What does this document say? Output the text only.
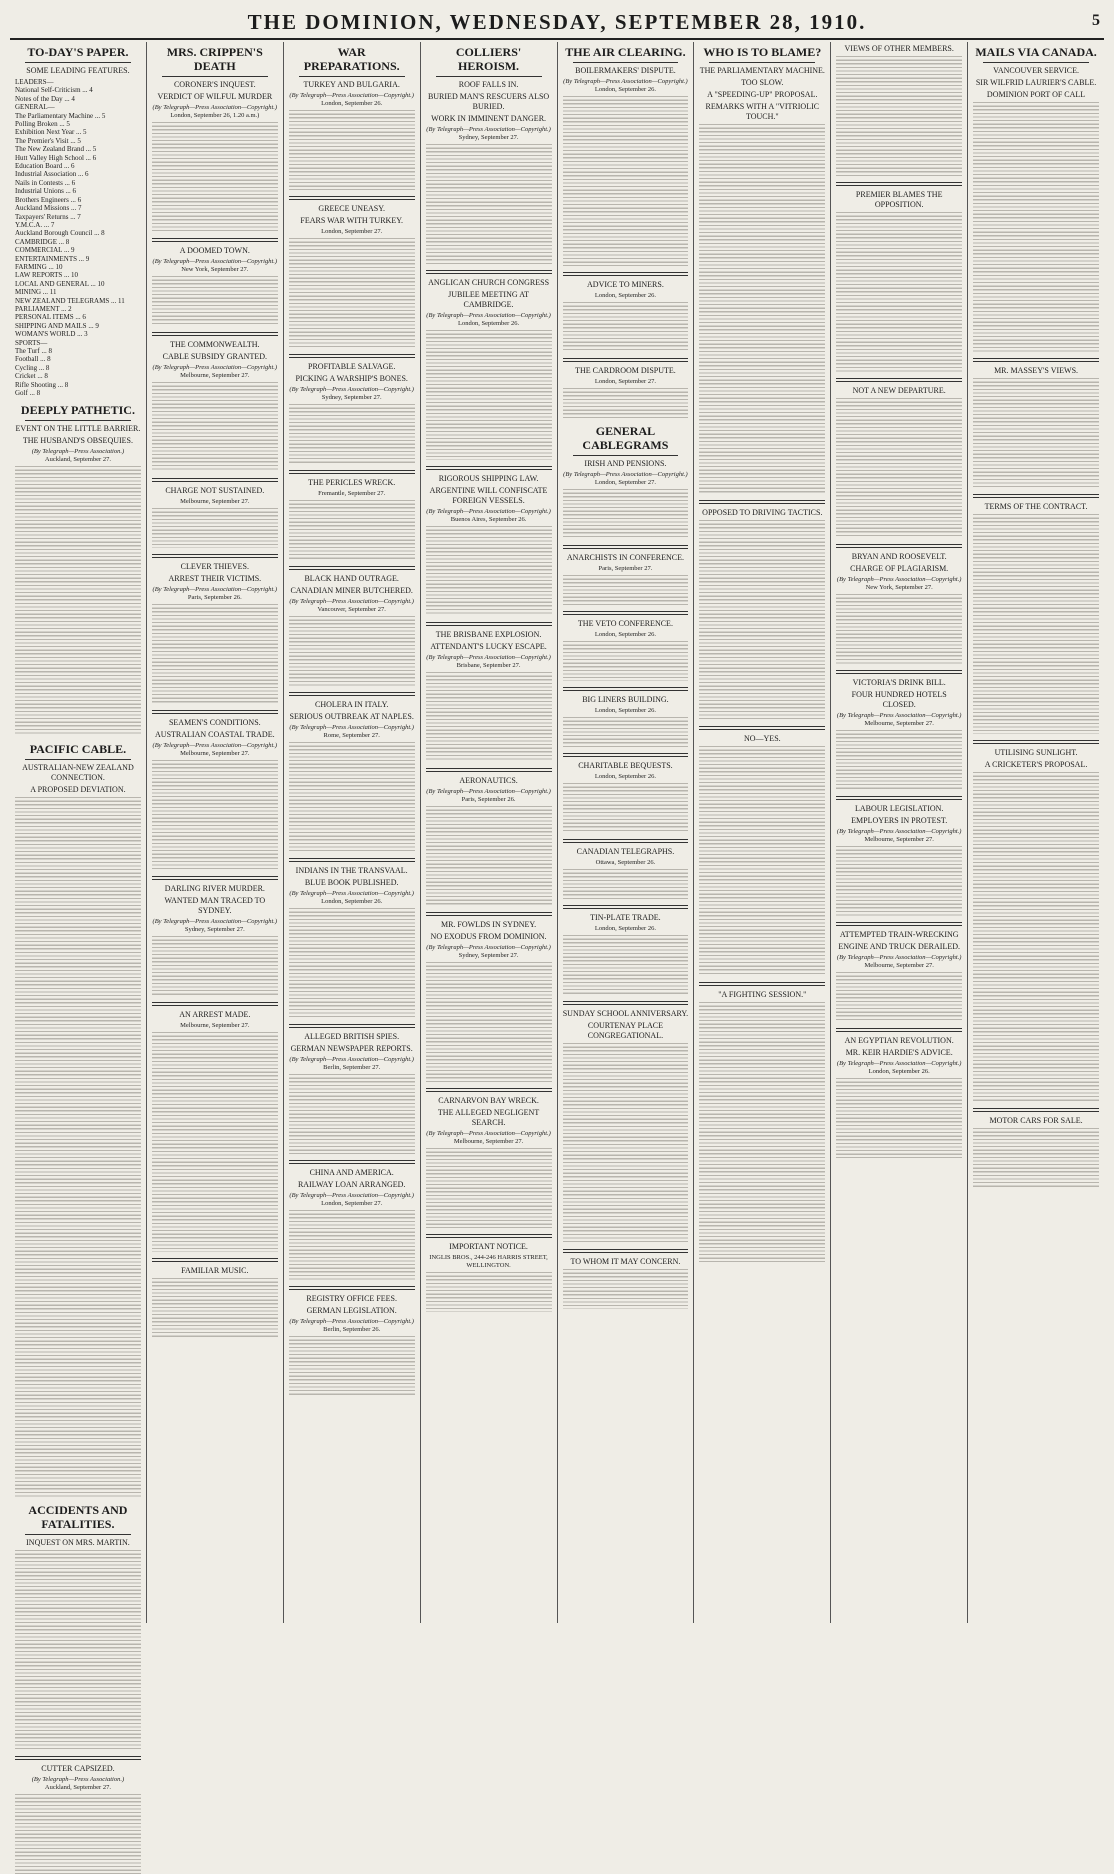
THE DOMINION, WEDNESDAY, SEPTEMBER 28, 1910.	5
TO-DAY'S PAPER.
SOME LEADING FEATURES.
LEADERS—
National Self-Criticism ... 4
Notes of the Day ... 4
GENERAL—
The Parliamentary Machine ... 5
Polling Broken ... 5
Exhibition Next Year ... 5
The Premier's Visit ... 5
The New Zealand Brand ... 5
Hutt Valley High School ... 6
Education Board ... 6
Industrial Association ... 6
Nails in Contests ... 6
Industrial Unions ... 6
Brothers Engineers ... 6
Auckland Missions ... 7
Taxpayers' Returns ... 7
Y.M.C.A. ... 7
Auckland Borough Council ... 8
CAMBRIDGE ... 8
COMMERCIAL ... 9
ENTERTAINMENTS ... 9
FARMING ... 10
LAW REPORTS ... 10
LOCAL AND GENERAL ... 10
MINING ... 11
NEW ZEALAND TELEGRAMS ... 11
PARLIAMENT ... 2
PERSONAL ITEMS ... 6
SHIPPING AND MAILS ... 9
WOMAN'S WORLD ... 3
SPORTS—
The Turf ... 8
Football ... 8
Cycling ... 8
Cricket ... 8
Rifle Shooting ... 8
Golf ... 8
DEEPLY PATHETIC.
EVENT ON THE LITTLE BARRIER.
THE HUSBAND'S OBSEQUIES.
(By Telegraph—Press Association.)
Auckland, September 27.
PACIFIC CABLE.
AUSTRALIAN-NEW ZEALAND CONNECTION.
A PROPOSED DEVIATION.
ACCIDENTS AND FATALITIES.
INQUEST ON MRS. MARTIN.
CUTTER CAPSIZED.
(By Telegraph—Press Association.)
Auckland, September 27.
MRS. CRIPPEN'S DEATH
CORONER'S INQUEST.
VERDICT OF WILFUL MURDER
(By Telegraph—Press Association—Copyright.)
London, September 26, 1.20 a.m.)
A DOOMED TOWN.
(By Telegraph—Press Association—Copyright.)
New York, September 27.
THE COMMONWEALTH.
CABLE SUBSIDY GRANTED.
(By Telegraph—Press Association—Copyright.)
Melbourne, September 27.
CHARGE NOT SUSTAINED.
Melbourne, September 27.
CLEVER THIEVES.
ARREST THEIR VICTIMS.
(By Telegraph—Press Association—Copyright.)
Paris, September 26.
SEAMEN'S CONDITIONS.
AUSTRALIAN COASTAL TRADE.
(By Telegraph—Press Association—Copyright.)
Melbourne, September 27.
DARLING RIVER MURDER.
WANTED MAN TRACED TO SYDNEY.
(By Telegraph—Press Association—Copyright.)
Sydney, September 27.
AN ARREST MADE.
Melbourne, September 27.
FAMILIAR MUSIC.
WAR PREPARATIONS.
TURKEY AND BULGARIA.
(By Telegraph—Press Association—Copyright.)
London, September 26.
GREECE UNEASY.
FEARS WAR WITH TURKEY.
London, September 27.
PROFITABLE SALVAGE.
PICKING A WARSHIP'S BONES.
(By Telegraph—Press Association—Copyright.)
Sydney, September 27.
THE PERICLES WRECK.
Fremantle, September 27.
BLACK HAND OUTRAGE.
CANADIAN MINER BUTCHERED.
(By Telegraph—Press Association—Copyright.)
Vancouver, September 27.
CHOLERA IN ITALY.
SERIOUS OUTBREAK AT NAPLES.
(By Telegraph—Press Association—Copyright.)
Rome, September 27.
INDIANS IN THE TRANSVAAL.
BLUE BOOK PUBLISHED.
(By Telegraph—Press Association—Copyright.)
London, September 26.
ALLEGED BRITISH SPIES.
GERMAN NEWSPAPER REPORTS.
(By Telegraph—Press Association—Copyright.)
Berlin, September 27.
CHINA AND AMERICA.
RAILWAY LOAN ARRANGED.
(By Telegraph—Press Association—Copyright.)
London, September 27.
REGISTRY OFFICE FEES.
GERMAN LEGISLATION.
(By Telegraph—Press Association—Copyright.)
Berlin, September 26.
COLLIERS' HEROISM.
ROOF FALLS IN.
BURIED MAN'S RESCUERS ALSO BURIED.
WORK IN IMMINENT DANGER.
(By Telegraph—Press Association—Copyright.)
Sydney, September 27.
ANGLICAN CHURCH CONGRESS
JUBILEE MEETING AT CAMBRIDGE.
(By Telegraph—Press Association—Copyright.)
London, September 26.
RIGOROUS SHIPPING LAW.
ARGENTINE WILL CONFISCATE FOREIGN VESSELS.
(By Telegraph—Press Association—Copyright.)
Buenos Aires, September 26.
THE BRISBANE EXPLOSION.
ATTENDANT'S LUCKY ESCAPE.
(By Telegraph—Press Association—Copyright.)
Brisbane, September 27.
AERONAUTICS.
(By Telegraph—Press Association—Copyright.)
Paris, September 26.
MR. FOWLDS IN SYDNEY.
NO EXODUS FROM DOMINION.
(By Telegraph—Press Association—Copyright.)
Sydney, September 27.
CARNARVON BAY WRECK.
THE ALLEGED NEGLIGENT SEARCH.
(By Telegraph—Press Association—Copyright.)
Melbourne, September 27.
IMPORTANT NOTICE.
INGLIS BROS., 244-246 HARRIS STREET, WELLINGTON.
THE AIR CLEARING.
BOILERMAKERS' DISPUTE.
(By Telegraph—Press Association—Copyright.)
London, September 26.
ADVICE TO MINERS.
London, September 26.
THE CARDROOM DISPUTE.
London, September 27.
GENERAL CABLEGRAMS
IRISH AND PENSIONS.
(By Telegraph—Press Association—Copyright.)
London, September 27.
ANARCHISTS IN CONFERENCE.
Paris, September 27.
THE VETO CONFERENCE.
London, September 26.
BIG LINERS BUILDING.
London, September 26.
CHARITABLE BEQUESTS.
London, September 26.
CANADIAN TELEGRAPHS.
Ottawa, September 26.
TIN-PLATE TRADE.
London, September 26.
SUNDAY SCHOOL ANNIVERSARY.
COURTENAY PLACE CONGREGATIONAL.
TO WHOM IT MAY CONCERN.
WHO IS TO BLAME?
THE PARLIAMENTARY MACHINE.
TOO SLOW.
A "SPEEDING-UP" PROPOSAL.
REMARKS WITH A "VITRIOLIC TOUCH."
OPPOSED TO DRIVING TACTICS.
NO—YES.
"A FIGHTING SESSION."
VIEWS OF OTHER MEMBERS.
PREMIER BLAMES THE OPPOSITION.
NOT A NEW DEPARTURE.
BRYAN AND ROOSEVELT.
CHARGE OF PLAGIARISM.
(By Telegraph—Press Association—Copyright.)
New York, September 27.
VICTORIA'S DRINK BILL.
FOUR HUNDRED HOTELS CLOSED.
(By Telegraph—Press Association—Copyright.)
Melbourne, September 27.
LABOUR LEGISLATION.
EMPLOYERS IN PROTEST.
(By Telegraph—Press Association—Copyright.)
Melbourne, September 27.
ATTEMPTED TRAIN-WRECKING
ENGINE AND TRUCK DERAILED.
(By Telegraph—Press Association—Copyright.)
Melbourne, September 27.
AN EGYPTIAN REVOLUTION.
MR. KEIR HARDIE'S ADVICE.
(By Telegraph—Press Association—Copyright.)
London, September 26.
MAILS VIA CANADA.
VANCOUVER SERVICE.
SIR WILFRID LAURIER'S CABLE.
DOMINION PORT OF CALL
MR. MASSEY'S VIEWS.
TERMS OF THE CONTRACT.
UTILISING SUNLIGHT.
A CRICKETER'S PROPOSAL.
MOTOR CARS FOR SALE.
